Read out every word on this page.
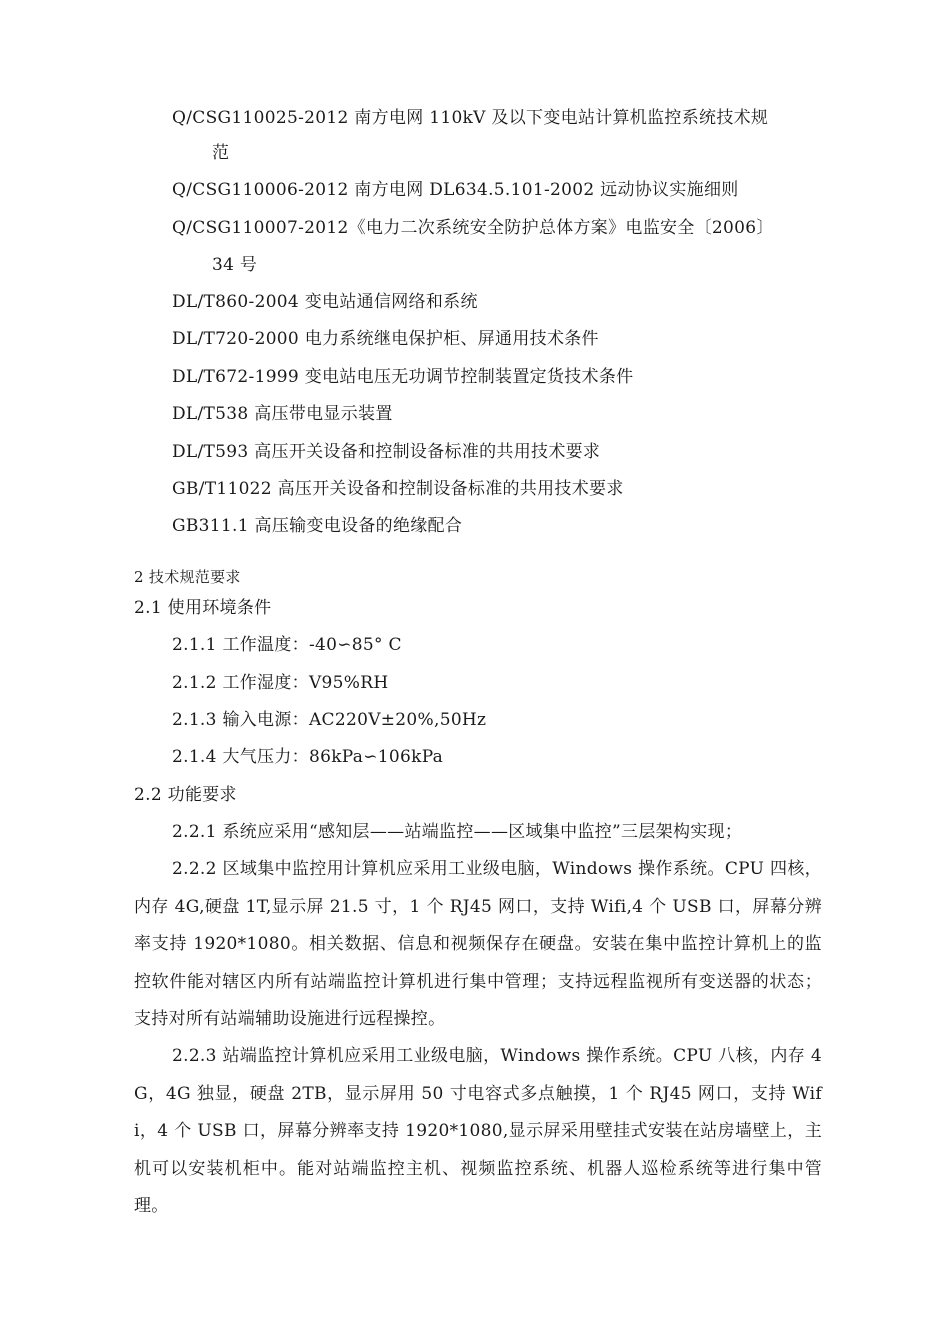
Q/CSG110025-2012 南方电网 110kV 及以下变电站计算机监控系统技术规
范
Q/CSG110006-2012 南方电网 DL634.5.101-2002 远动协议实施细则
Q/CSG110007-2012《电力二次系统安全防护总体方案》电监安全〔2006〕
34 号
DL/T860-2004 变电站通信网络和系统
DL/T720-2000 电力系统继电保护柜、屏通用技术条件
DL/T672-1999 变电站电压无功调节控制装置定货技术条件
DL/T538 高压带电显示装置
DL/T593 高压开关设备和控制设备标准的共用技术要求
GB/T11022 高压开关设备和控制设备标准的共用技术要求
GB311.1 高压输变电设备的绝缘配合
2 技术规范要求
2.1 使用环境条件
2.1.1 工作温度：-40∽85° C
2.1.2 工作湿度：V95%RH
2.1.3 输入电源：AC220V±20%,50Hz
2.1.4 大气压力：86kPa∽106kPa
2.2 功能要求
2.2.1 系统应采用“感知层——站端监控——区域集中监控”三层架构实现；
2.2.2 区域集中监控用计算机应采用工业级电脑，Windows 操作系统。CPU 四核，内存 4G,硬盘 1T,显示屏 21.5 寸，1 个 RJ45 网口，支持 Wifi,4 个 USB 口，屏幕分辨率支持 1920*1080。相关数据、信息和视频保存在硬盘。安装在集中监控计算机上的监控软件能对辖区内所有站端监控计算机进行集中管理；支持远程监视所有变送器的状态；支持对所有站端辅助设施进行远程操控。
2.2.3 站端监控计算机应采用工业级电脑，Windows 操作系统。CPU 八核，内存 4G，4G 独显，硬盘 2TB，显示屏用 50 寸电容式多点触摸，1 个 RJ45 网口，支持 Wifi，4 个 USB 口，屏幕分辨率支持 1920*1080,显示屏采用壁挂式安装在站房墙壁上，主机可以安装机柜中。能对站端监控主机、视频监控系统、机器人巡检系统等进行集中管理。
